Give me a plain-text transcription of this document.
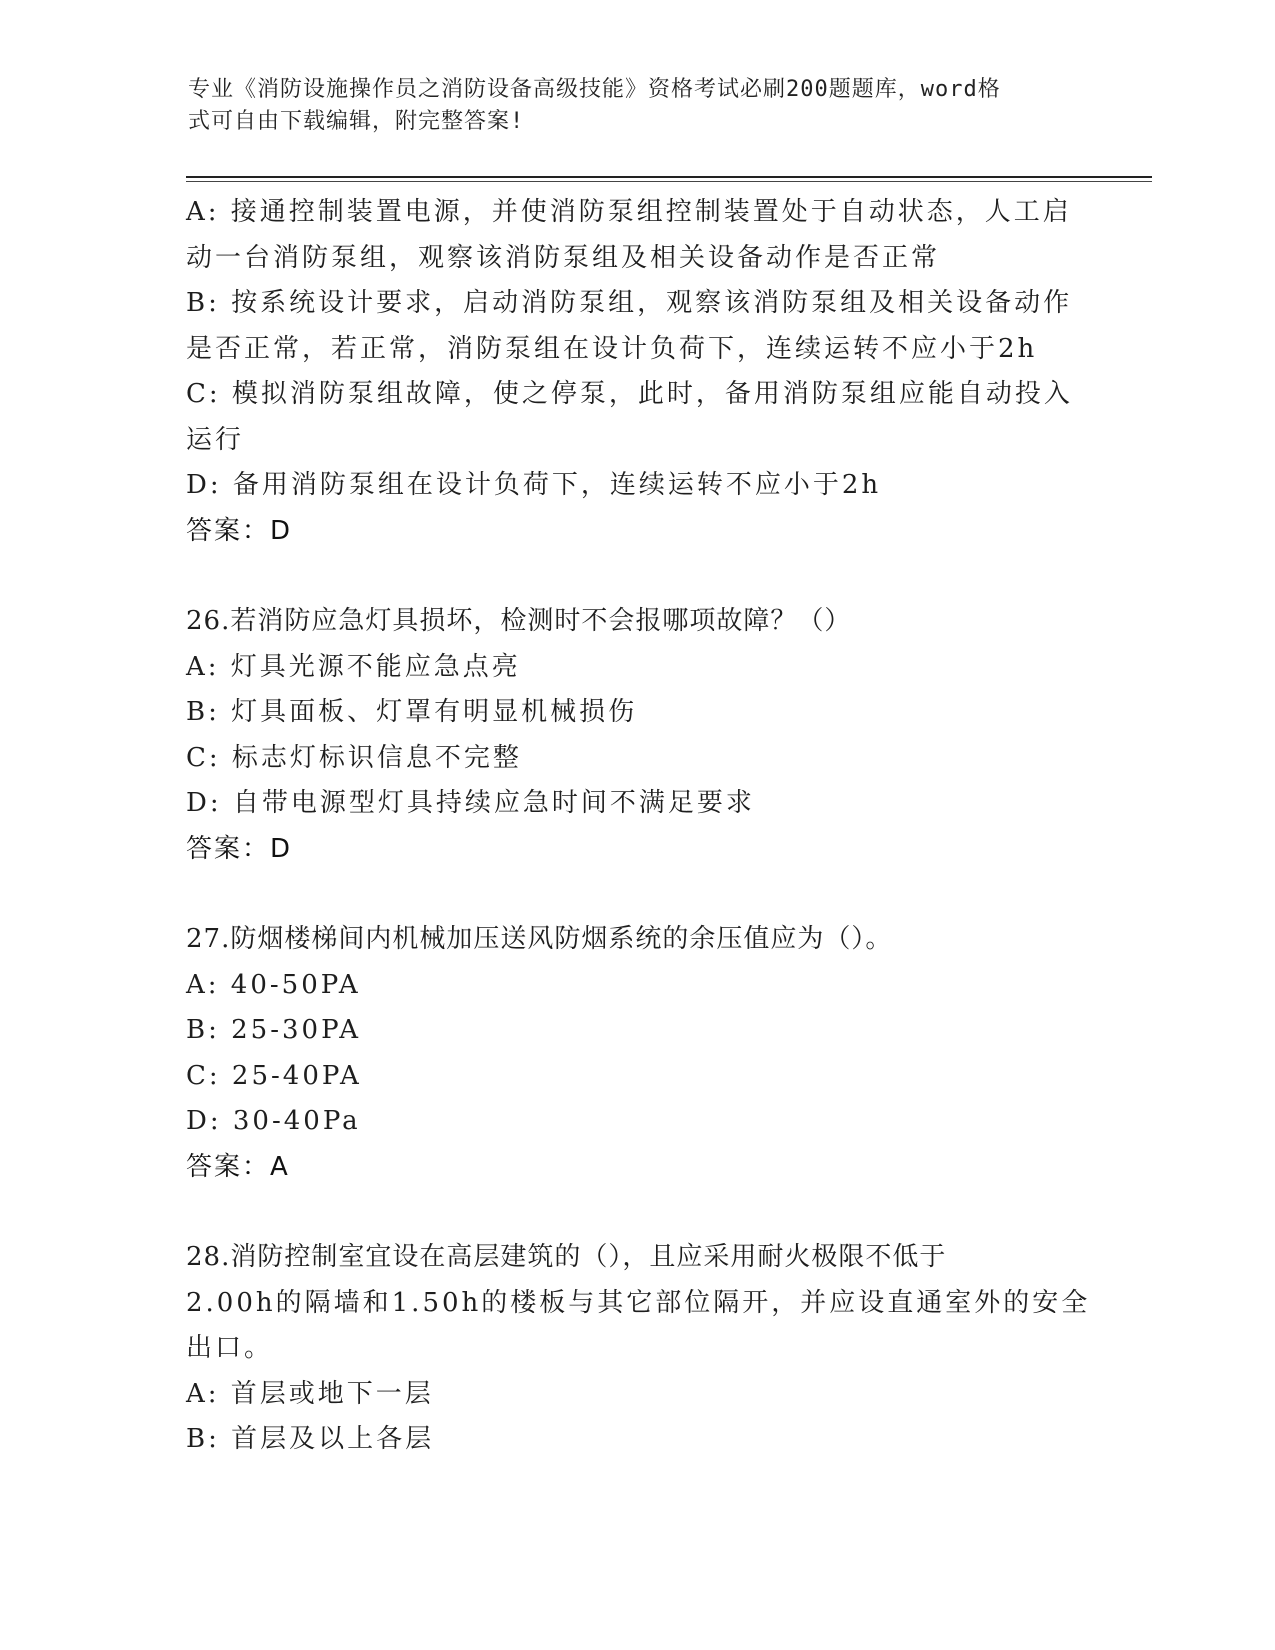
专业《消防设施操作员之消防设备高级技能》资格考试必刷200题题库，word格
式可自由下载编辑，附完整答案!
A: 接通控制装置电源，并使消防泵组控制装置处于自动状态，人工启
动一台消防泵组，观察该消防泵组及相关设备动作是否正常
B: 按系统设计要求，启动消防泵组，观察该消防泵组及相关设备动作
是否正常，若正常，消防泵组在设计负荷下，连续运转不应小于2h
C: 模拟消防泵组故障，使之停泵，此时，备用消防泵组应能自动投入
运行
D: 备用消防泵组在设计负荷下，连续运转不应小于2h
答案：D
26.若消防应急灯具损坏，检测时不会报哪项故障？（）
A: 灯具光源不能应急点亮
B: 灯具面板、灯罩有明显机械损伤
C: 标志灯标识信息不完整
D: 自带电源型灯具持续应急时间不满足要求
答案：D
27.防烟楼梯间内机械加压送风防烟系统的余压值应为（）。
A: 40-50PA
B: 25-30PA
C: 25-40PA
D: 30-40Pa
答案：A
28.消防控制室宜设在高层建筑的（），且应采用耐火极限不低于
2.00h的隔墙和1.50h的楼板与其它部位隔开，并应设直通室外的安全
出口。
A: 首层或地下一层
B: 首层及以上各层
